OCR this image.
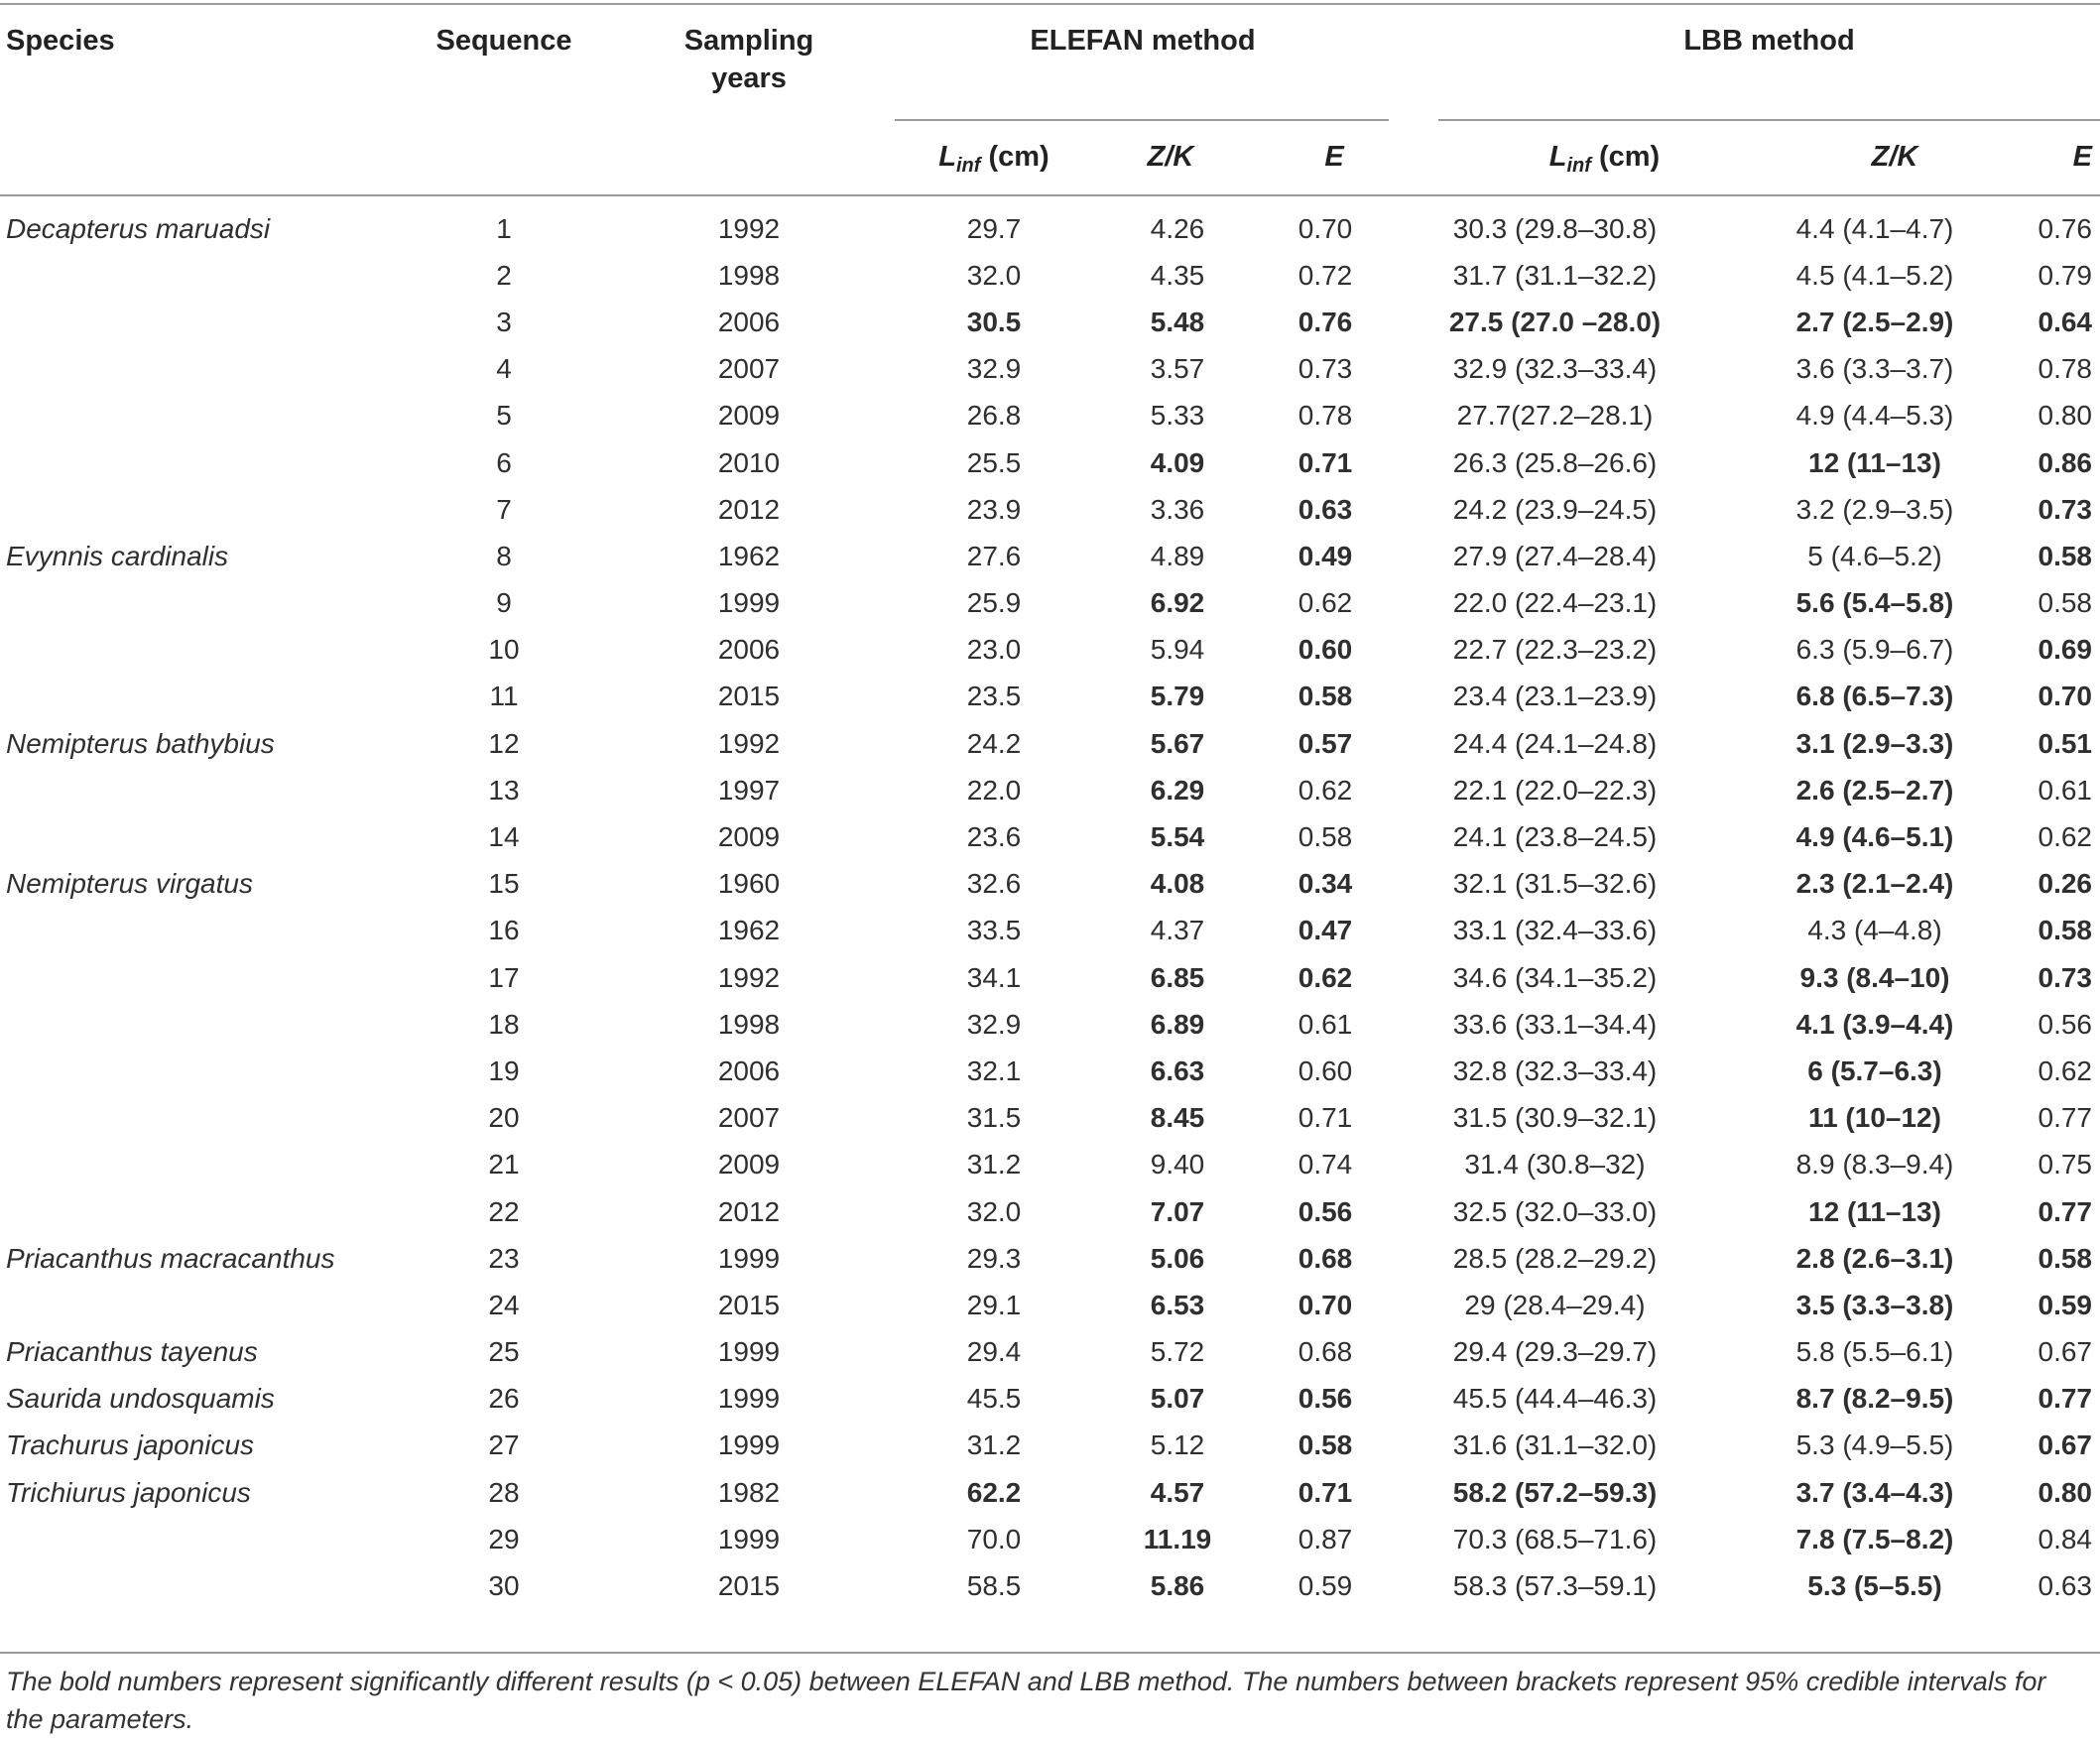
Species	Sequence	Sampling
years
ELEFAN method	LBB method
$L_{inf}$ (cm)	Z/K	E	$L_{inf}$ (cm)	Z/K	E
Decapterus maruadsi	1	1992	29.7	4.26	0.70	30.3 (29.8–30.8)	4.4 (4.1–4.7)	0.76
	2	1998	32.0	4.35	0.72	31.7 (31.1–32.2)	4.5 (4.1–5.2)	0.79
	3	2006	30.5	5.48	0.76	27.5 (27.0 –28.0)	2.7 (2.5–2.9)	0.64
	4	2007	32.9	3.57	0.73	32.9 (32.3–33.4)	3.6 (3.3–3.7)	0.78
	5	2009	26.8	5.33	0.78	27.7(27.2–28.1)	4.9 (4.4–5.3)	0.80
	6	2010	25.5	4.09	0.71	26.3 (25.8–26.6)	12 (11–13)	0.86
	7	2012	23.9	3.36	0.63	24.2 (23.9–24.5)	3.2 (2.9–3.5)	0.73
Evynnis cardinalis	8	1962	27.6	4.89	0.49	27.9 (27.4–28.4)	5 (4.6–5.2)	0.58
	9	1999	25.9	6.92	0.62	22.0 (22.4–23.1)	5.6 (5.4–5.8)	0.58
	10	2006	23.0	5.94	0.60	22.7 (22.3–23.2)	6.3 (5.9–6.7)	0.69
	11	2015	23.5	5.79	0.58	23.4 (23.1–23.9)	6.8 (6.5–7.3)	0.70
Nemipterus bathybius	12	1992	24.2	5.67	0.57	24.4 (24.1–24.8)	3.1 (2.9–3.3)	0.51
	13	1997	22.0	6.29	0.62	22.1 (22.0–22.3)	2.6 (2.5–2.7)	0.61
	14	2009	23.6	5.54	0.58	24.1 (23.8–24.5)	4.9 (4.6–5.1)	0.62
Nemipterus virgatus	15	1960	32.6	4.08	0.34	32.1 (31.5–32.6)	2.3 (2.1–2.4)	0.26
	16	1962	33.5	4.37	0.47	33.1 (32.4–33.6)	4.3 (4–4.8)	0.58
	17	1992	34.1	6.85	0.62	34.6 (34.1–35.2)	9.3 (8.4–10)	0.73
	18	1998	32.9	6.89	0.61	33.6 (33.1–34.4)	4.1 (3.9–4.4)	0.56
	19	2006	32.1	6.63	0.60	32.8 (32.3–33.4)	6 (5.7–6.3)	0.62
	20	2007	31.5	8.45	0.71	31.5 (30.9–32.1)	11 (10–12)	0.77
	21	2009	31.2	9.40	0.74	31.4 (30.8–32)	8.9 (8.3–9.4)	0.75
	22	2012	32.0	7.07	0.56	32.5 (32.0–33.0)	12 (11–13)	0.77
Priacanthus macracanthus	23	1999	29.3	5.06	0.68	28.5 (28.2–29.2)	2.8 (2.6–3.1)	0.58
	24	2015	29.1	6.53	0.70	29 (28.4–29.4)	3.5 (3.3–3.8)	0.59
Priacanthus tayenus	25	1999	29.4	5.72	0.68	29.4 (29.3–29.7)	5.8 (5.5–6.1)	0.67
Saurida undosquamis	26	1999	45.5	5.07	0.56	45.5 (44.4–46.3)	8.7 (8.2–9.5)	0.77
Trachurus japonicus	27	1999	31.2	5.12	0.58	31.6 (31.1–32.0)	5.3 (4.9–5.5)	0.67
Trichiurus japonicus	28	1982	62.2	4.57	0.71	58.2 (57.2–59.3)	3.7 (3.4–4.3)	0.80
	29	1999	70.0	11.19	0.87	70.3 (68.5–71.6)	7.8 (7.5–8.2)	0.84
	30	2015	58.5	5.86	0.59	58.3 (57.3–59.1)	5.3 (5–5.5)	0.63
The bold numbers represent significantly different results (p < 0.05) between ELEFAN and LBB method. The numbers between brackets represent 95% credible intervals for the parameters.
